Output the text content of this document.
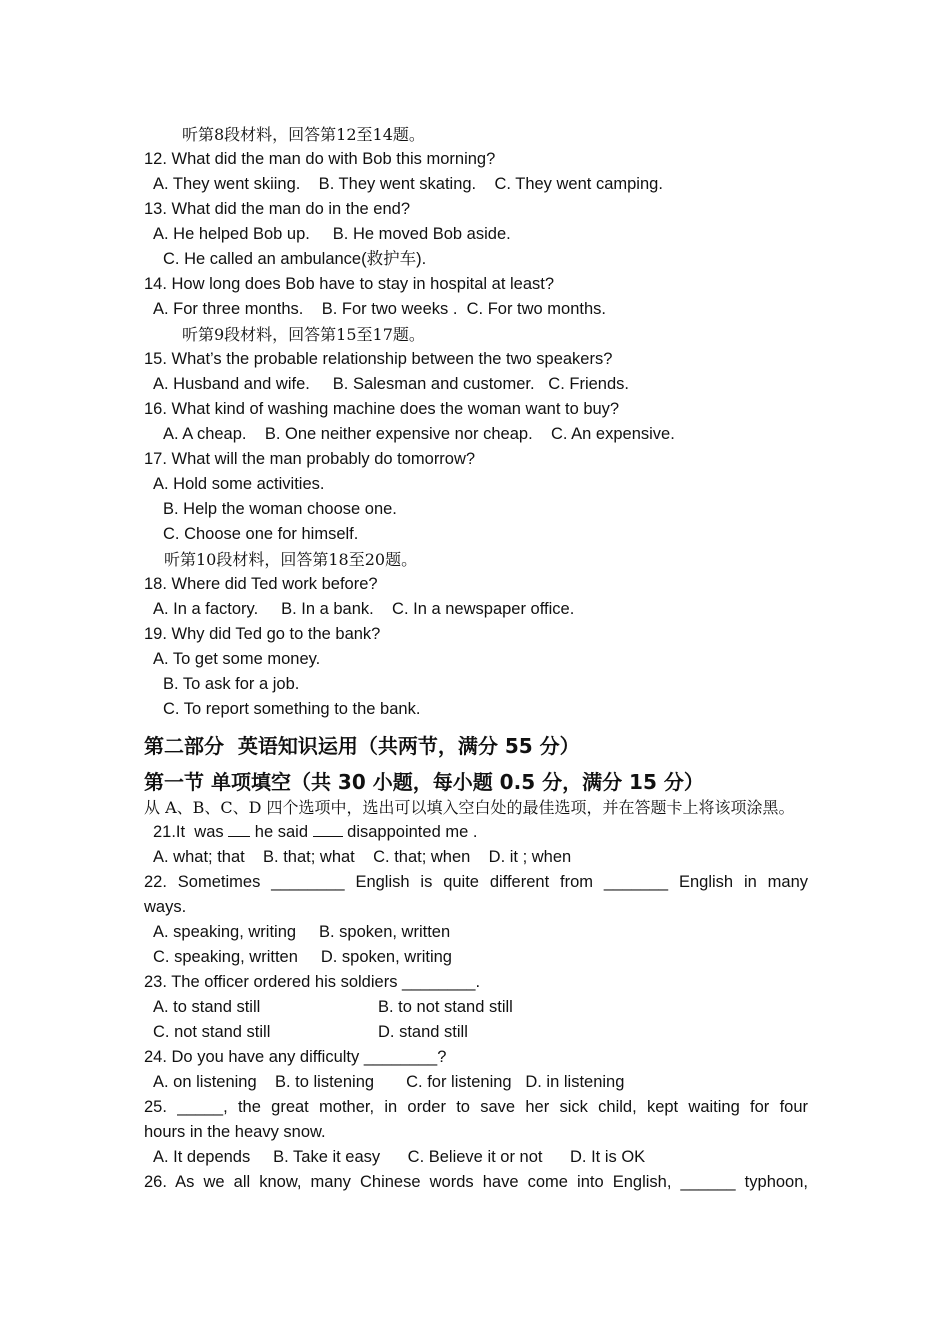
听第8段材料，回答第12至14题。
12. What did the man do with Bob this morning?
A. They went skiing.    B. They went skating.    C. They went camping.
13. What did the man do in the end?
A. He helped Bob up.     B. He moved Bob aside.
C. He called an ambulance(救护车).
14. How long does Bob have to stay in hospital at least?
A. For three months.    B. For two weeks .  C. For two months.
听第9段材料，回答第15至17题。
15. What’s the probable relationship between the two speakers?
A. Husband and wife.     B. Salesman and customer.   C. Friends.
16. What kind of washing machine does the woman want to buy?
A. A cheap.    B. One neither expensive nor cheap.    C. An expensive.
17. What will the man probably do tomorrow?
A. Hold some activities.
B. Help the woman choose one.
C. Choose one for himself.
听第10段材料，回答第18至20题。
18. Where did Ted work before?
A. In a factory.     B. In a bank.    C. In a newspaper office.
19. Why did Ted go to the bank?
A. To get some money.
B. To ask for a job.
C. To report something to the bank.
第二部分  英语知识运用（共两节，满分 55 分）
第一节 单项填空（共 30 小题，每小题 0.5 分，满分 15 分）
从 A、B、C、D 四个选项中，选出可以填入空白处的最佳选项，并在答题卡上将该项涂黑。
21.It  was  he said  disappointed me .
A. what; that    B. that; what    C. that; when    D. it ; when
22. Sometimes ________ English is quite different from _______ English in many
ways.
A. speaking, writing     B. spoken, written
C. speaking, written     D. spoken, writing
23. The officer ordered his soldiers ________.
A. to stand still	B. to not stand still
C. not stand still	D. stand still
24. Do you have any difficulty ________?
A. on listening    B. to listening       C. for listening   D. in listening
25. _____, the great mother, in order to save her sick child, kept waiting for four
hours in the heavy snow.
A. It depends     B. Take it easy      C. Believe it or not      D. It is OK
26. As we all know, many Chinese words have come into English, ______ typhoon,
